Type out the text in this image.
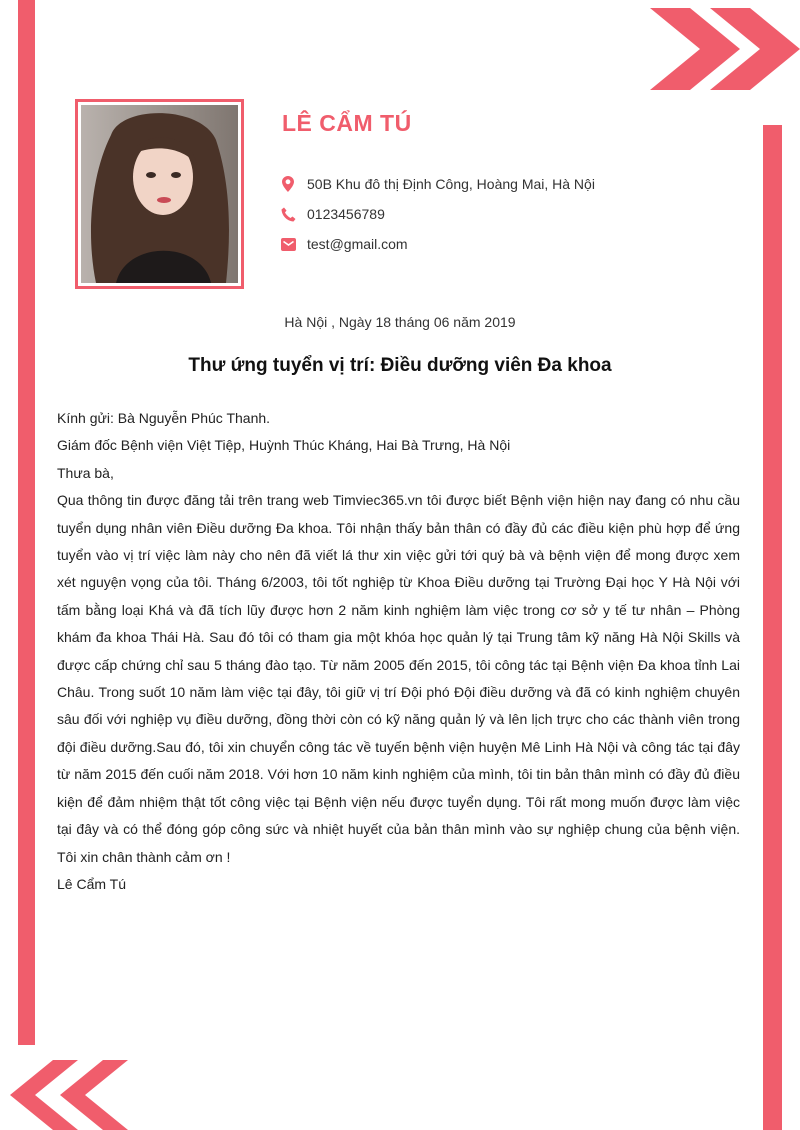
LÊ CẨM TÚ
50B Khu đô thị Định Công, Hoàng Mai, Hà Nội
0123456789
test@gmail.com
Hà Nội , Ngày 18 tháng 06 năm 2019
Thư ứng tuyển vị trí: Điều dưỡng viên Đa khoa

Kính gửi: Bà Nguyễn Phúc Thanh.

Giám đốc Bệnh viện Việt Tiệp, Huỳnh Thúc Kháng, Hai Bà Trưng, Hà Nội

Thưa bà,

Qua thông tin được đăng tải trên trang web Timviec365.vn tôi được biết Bệnh viện hiện nay đang có nhu cầu tuyển dụng nhân viên Điều dưỡng Đa khoa. Tôi nhận thấy bản thân có đầy đủ các điều kiện phù hợp để ứng tuyển vào vị trí việc làm này cho nên đã viết lá thư xin việc gửi tới quý bà và bệnh viện để mong được xem xét nguyện vọng của tôi. Tháng 6/2003, tôi tốt nghiệp từ Khoa Điều dưỡng tại Trường Đại học Y Hà Nội với tấm bằng loại Khá và đã tích lũy được hơn 2 năm kinh nghiệm làm việc trong cơ sở y tế tư nhân – Phòng khám đa khoa Thái Hà. Sau đó tôi có tham gia một khóa học quản lý tại Trung tâm kỹ năng Hà Nội Skills và được cấp chứng chỉ sau 5 tháng đào tạo. Từ năm 2005 đến 2015, tôi công tác tại Bệnh viện Đa khoa tỉnh Lai Châu. Trong suốt 10 năm làm việc tại đây, tôi giữ vị trí Đội phó Đội điều dưỡng và đã có kinh nghiệm chuyên sâu đối với nghiệp vụ điều dưỡng, đồng thời còn có kỹ năng quản lý và lên lịch trực cho các thành viên trong đội điều dưỡng.Sau đó, tôi xin chuyển công tác về tuyến bệnh viện huyện Mê Linh Hà Nội và công tác tại đây từ năm 2015 đến cuối năm 2018. Với hơn 10 năm kinh nghiệm của mình, tôi tin bản thân mình có đầy đủ điều kiện để đảm nhiệm thật tốt công việc tại Bệnh viện nếu được tuyển dụng. Tôi rất mong muốn được làm việc tại đây và có thể đóng góp công sức và nhiệt huyết của bản thân mình vào sự nghiệp chung của bệnh viện. Tôi xin chân thành cảm ơn !

Lê Cẩm Tú
